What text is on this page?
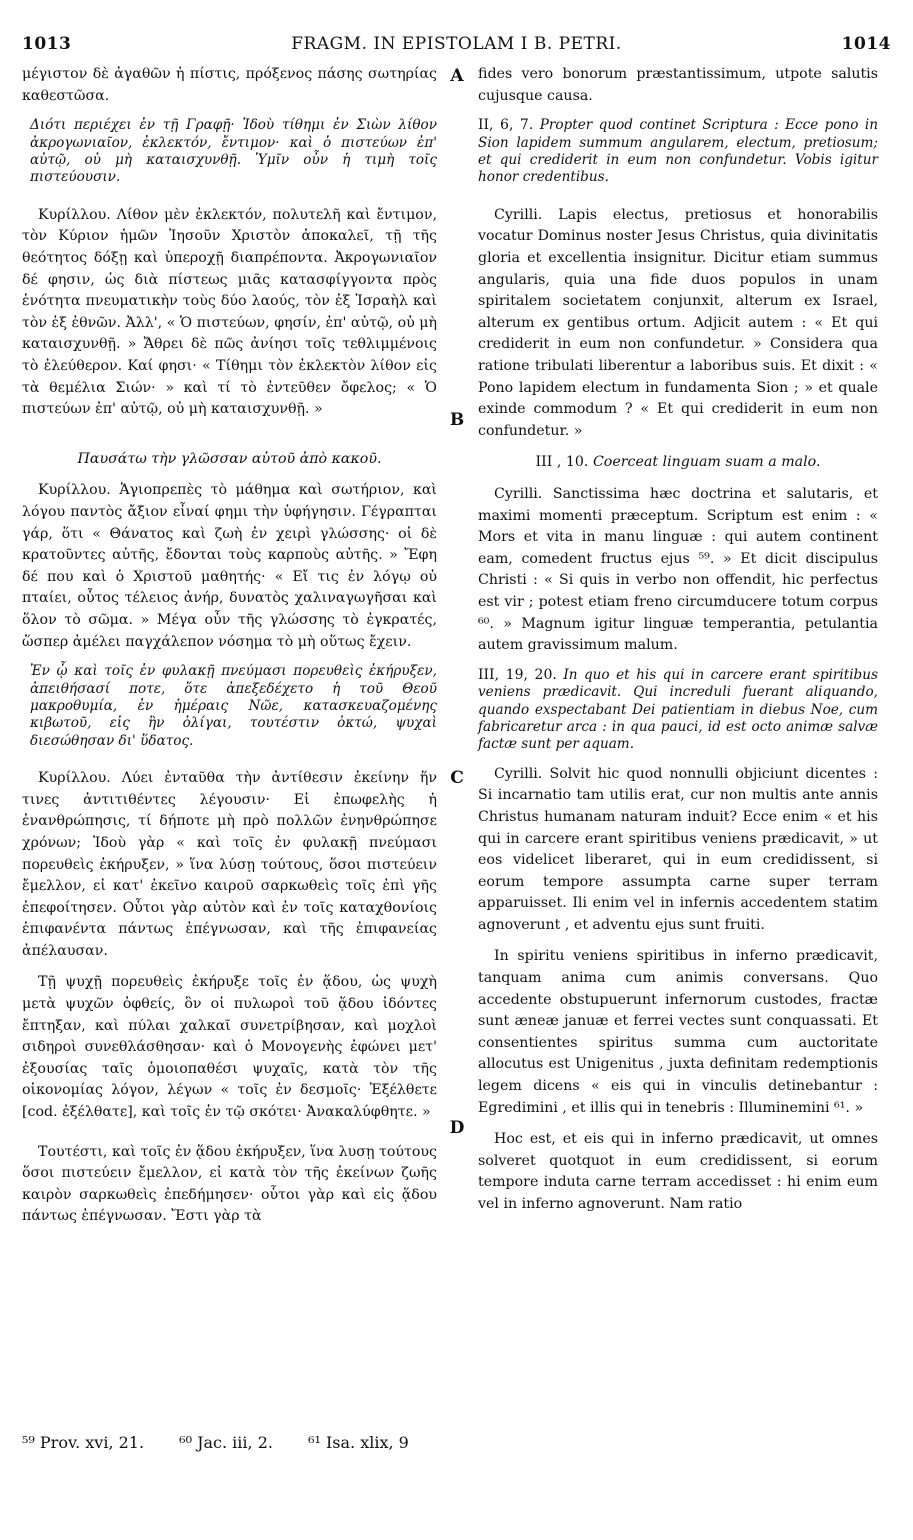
1013	FRAGM. IN EPISTOLAM I B. PETRI.	1014

μέγιστον δὲ ἀγαθῶν ἡ πίστις, πρόξενος πάσης σωτηρίας καθεστῶσα.

Διότι περιέχει ἐν τῇ Γραφῇ· Ἰδοὺ τίθημι ἐν Σιὼν λίθον ἀκρογωνιαῖον, ἐκλεκτόν, ἔντιμον· καὶ ὁ πιστεύων ἐπ' αὐτῷ, οὐ μὴ καταισχυνθῇ. Ὑμῖν οὖν ἡ τιμὴ τοῖς πιστεύουσιν.

Κυρίλλου. Λίθον μὲν ἐκλεκτόν, πολυτελῆ καὶ ἔντιμον, τὸν Κύριον ἡμῶν Ἰησοῦν Χριστὸν ἀποκαλεῖ, τῇ τῆς θεότητος δόξῃ καὶ ὑπεροχῇ διαπρέποντα. Ἀκρογωνιαῖον δέ φησιν, ὡς διὰ πίστεως μιᾶς κατασφίγγοντα πρὸς ἑνότητα πνευματικὴν τοὺς δύο λαούς, τὸν ἐξ Ἰσραὴλ καὶ τὸν ἐξ ἐθνῶν. Ἀλλ', « Ὁ πιστεύων, φησίν, ἐπ' αὐτῷ, οὐ μὴ καταισχυνθῇ. » Ἄθρει δὲ πῶς ἀνίησι τοῖς τεθλιμμένοις τὸ ἐλεύθερον. Καί φησι· « Τίθημι τὸν ἐκλεκτὸν λίθον εἰς τὰ θεμέλια Σιών· » καὶ τί τὸ ἐντεῦθεν ὄφελος; « Ὁ πιστεύων ἐπ' αὐτῷ, οὐ μὴ καταισχυνθῇ. »

Παυσάτω τὴν γλῶσσαν αὐτοῦ ἀπὸ κακοῦ.

Κυρίλλου. Ἁγιοπρεπὲς τὸ μάθημα καὶ σωτήριον, καὶ λόγου παντὸς ἄξιον εἶναί φημι τὴν ὑφήγησιν. Γέγραπται γάρ, ὅτι « Θάνατος καὶ ζωὴ ἐν χειρὶ γλώσσης· οἱ δὲ κρατοῦντες αὐτῆς, ἔδονται τοὺς καρποὺς αὐτῆς. » Ἔφη δέ που καὶ ὁ Χριστοῦ μαθητής· « Εἴ τις ἐν λόγῳ οὐ πταίει, οὗτος τέλειος ἀνήρ, δυνατὸς χαλιναγωγῆσαι καὶ ὅλον τὸ σῶμα. » Μέγα οὖν τῆς γλώσσης τὸ ἐγκρατές, ὥσπερ ἀμέλει παγχάλεπον νόσημα τὸ μὴ οὕτως ἔχειν.

Ἐν ᾧ καὶ τοῖς ἐν φυλακῇ πνεύμασι πορευθεὶς ἐκήρυξεν, ἀπειθήσασί ποτε, ὅτε ἀπεξεδέχετο ἡ τοῦ Θεοῦ μακροθυμία, ἐν ἡμέραις Νῶε, κατασκευαζομένης κιβωτοῦ, εἰς ἣν ὀλίγαι, τουτέστιν ὀκτώ, ψυχαὶ διεσώθησαν δι' ὕδατος.

Κυρίλλου. Λύει ἐνταῦθα τὴν ἀντίθεσιν ἐκείνην ἥν τινες ἀντιτιθέντες λέγουσιν· Εἰ ἐπωφελὴς ἡ ἐνανθρώπησις, τί δήποτε μὴ πρὸ πολλῶν ἐνηνθρώπησε χρόνων; Ἰδοὺ γὰρ « καὶ τοῖς ἐν φυλακῇ πνεύμασι πορευθεὶς ἐκήρυξεν, » ἵνα λύσῃ τούτους, ὅσοι πιστεύειν ἔμελλον, εἰ κατ' ἐκεῖνο καιροῦ σαρκωθεὶς τοῖς ἐπὶ γῆς ἐπεφοίτησεν. Οὗτοι γὰρ αὐτὸν καὶ ἐν τοῖς καταχθονίοις ἐπιφανέντα πάντως ἐπέγνωσαν, καὶ τῆς ἐπιφανείας ἀπέλαυσαν.

Τῇ ψυχῇ πορευθεὶς ἐκήρυξε τοῖς ἐν ᾅδου, ὡς ψυχὴ μετὰ ψυχῶν ὀφθείς, ὃν οἱ πυλωροὶ τοῦ ᾅδου ἰδόντες ἔπτηξαν, καὶ πύλαι χαλκαῖ συνετρίβησαν, καὶ μοχλοὶ σιδηροὶ συνεθλάσθησαν· καὶ ὁ Μονογενὴς ἐφώνει μετ' ἐξουσίας ταῖς ὁμοιοπαθέσι ψυχαῖς, κατὰ τὸν τῆς οἰκονομίας λόγον, λέγων « τοῖς ἐν δεσμοῖς· Ἐξέλθετε [cod. ἐξέλθατε], καὶ τοῖς ἐν τῷ σκότει· Ἀνακαλύφθητε. »

Τουτέστι, καὶ τοῖς ἐν ᾅδου ἐκήρυξεν, ἵνα λυσῃ τούτους ὅσοι πιστεύειν ἔμελλον, εἰ κατὰ τὸν τῆς ἐκείνων ζωῆς καιρὸν σαρκωθεὶς ἐπεδήμησεν· οὗτοι γὰρ καὶ εἰς ᾅδου πάντως ἐπέγνωσαν. Ἔστι γὰρ τὰ

A
B
C
D

fides vero bonorum præstantissimum, utpote salutis cujusque causa.

II, 6, 7. Propter quod continet Scriptura : Ecce pono in Sion lapidem summum angularem, electum, pretiosum; et qui crediderit in eum non confundetur. Vobis igitur honor credentibus.

Cyrilli. Lapis electus, pretiosus et honorabilis vocatur Dominus noster Jesus Christus, quia divinitatis gloria et excellentia insignitur. Dicitur etiam summus angularis, quia una fide duos populos in unam spiritalem societatem conjunxit, alterum ex Israel, alterum ex gentibus ortum. Adjicit autem : « Et qui crediderit in eum non confundetur. » Considera qua ratione tribulati liberentur a laboribus suis. Et dixit : « Pono lapidem electum in fundamenta Sion ; » et quale exinde commodum ? « Et qui crediderit in eum non confundetur. »

III , 10. Coerceat linguam suam a malo.

Cyrilli. Sanctissima hæc doctrina et salutaris, et maximi momenti præceptum. Scriptum est enim : « Mors et vita in manu linguæ : qui autem continent eam, comedent fructus ejus ⁵⁹. » Et dicit discipulus Christi : « Si quis in verbo non offendit, hic perfectus est vir ; potest etiam freno circumducere totum corpus ⁶⁰. » Magnum igitur linguæ temperantia, petulantia autem gravissimum malum.

III, 19, 20. In quo et his qui in carcere erant spiritibus veniens prædicavit. Qui increduli fuerant aliquando, quando exspectabant Dei patientiam in diebus Noe, cum fabricaretur arca : in qua pauci, id est octo animæ salvæ factæ sunt per aquam.

Cyrilli. Solvit hic quod nonnulli objiciunt dicentes : Si incarnatio tam utilis erat, cur non multis ante annis Christus humanam naturam induit? Ecce enim « et his qui in carcere erant spiritibus veniens prædicavit, » ut eos videlicet liberaret, qui in eum credidissent, si eorum tempore assumpta carne super terram apparuisset. Ili enim vel in infernis accedentem statim agnoverunt , et adventu ejus sunt fruiti.

In spiritu veniens spiritibus in inferno prædicavit, tanquam anima cum animis conversans. Quo accedente obstupuerunt infernorum custodes, fractæ sunt æneæ januæ et ferrei vectes sunt conquassati. Et consentientes spiritus summa cum auctoritate allocutus est Unigenitus , juxta definitam redemptionis legem dicens « eis qui in vinculis detinebantur : Egredimini , et illis qui in tenebris : Illuminemini ⁶¹. »

Hoc est, et eis qui in inferno prædicavit, ut omnes solveret quotquot in eum credidissent, si eorum tempore induta carne terram accedisset : hi enim eum vel in inferno agnoverunt. Nam ratio

⁵⁹ Prov. xvi, 21. ⁶⁰ Jac. iii, 2. ⁶¹ Isa. xlix, 9
